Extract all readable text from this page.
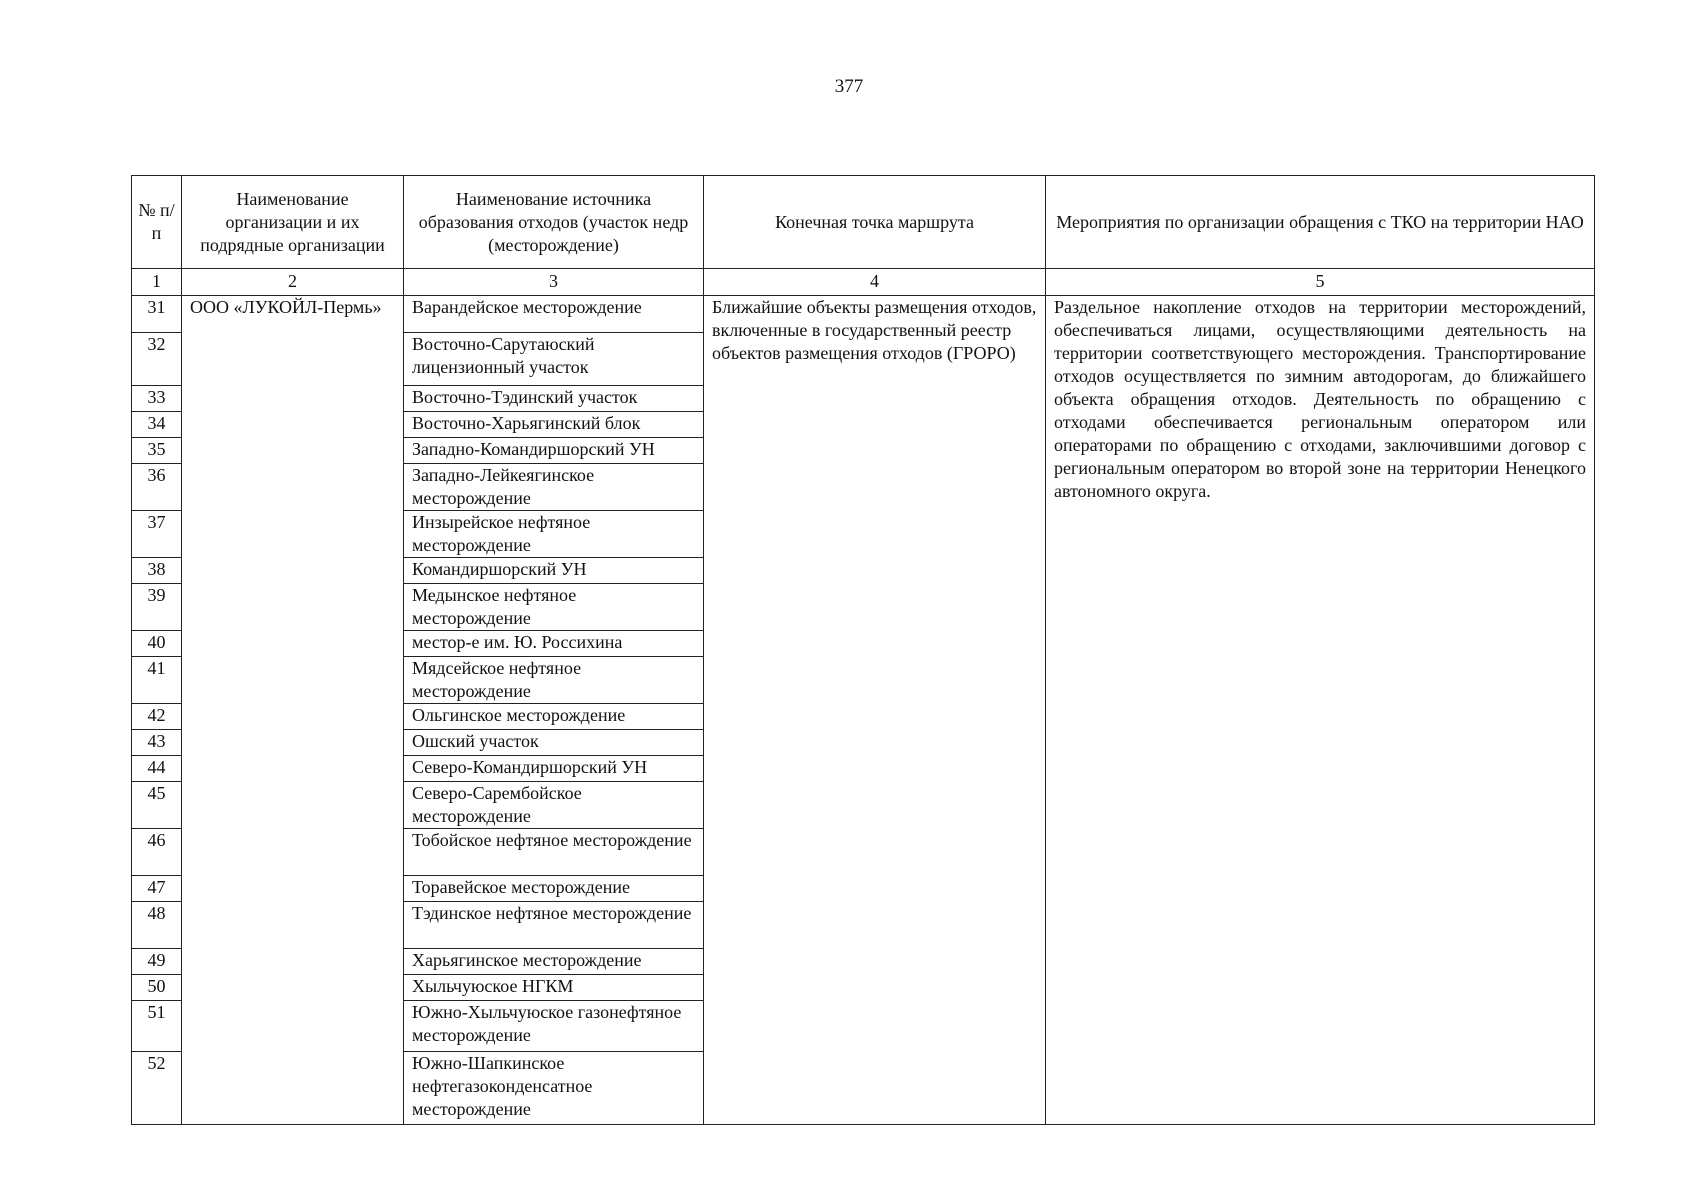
377
№ п/п	Наименование организации и их подрядные организации	Наименование источника образования отходов (участок недр (месторождение)	Конечная точка маршрута	Мероприятия по организации обращения с ТКО на территории НАО
1	2	3	4	5
31	ООО «ЛУКОЙЛ-Пермь»	Варандейское месторождение	Ближайшие объекты размещения отходов, включенные в государственный реестр объектов размещения отходов (ГРОРО)	Раздельное накопление отходов на территории месторождений, обеспечиваться лицами, осуществляющими деятельность на территории соответствующего месторождения. Транспортирование отходов осуществляется по зимним автодорогам, до ближайшего объекта обращения отходов. Деятельность по обращению с отходами обеспечивается региональным оператором или операторами по обращению с отходами, заключившими договор с региональным оператором во второй зоне на территории Ненецкого автономного округа.
32		Восточно-Сарутаюский лицензионный участок		
33		Восточно-Тэдинский участок		
34		Восточно-Харьягинский блок		
35		Западно-Командиршорский УН		
36		Западно-Лейкеягинское месторождение		
37		Инзырейское нефтяное месторождение		
38		Командиршорский УН		
39		Медынское нефтяное месторождение		
40		местор-е им. Ю. Россихина		
41		Мядсейское нефтяное месторождение		
42		Ольгинское месторождение		
43		Ошский участок		
44		Северо-Командиршорский УН		
45		Северо-Сарембойское месторождение		
46		Тобойское нефтяное месторождение		
47		Торавейское месторождение		
48		Тэдинское нефтяное месторождение		
49		Харьягинское месторождение		
50		Хыльчуюское НГКМ		
51		Южно-Хыльчуюское газонефтяное месторождение		
52		Южно-Шапкинское нефтегазоконденсатное месторождение		
